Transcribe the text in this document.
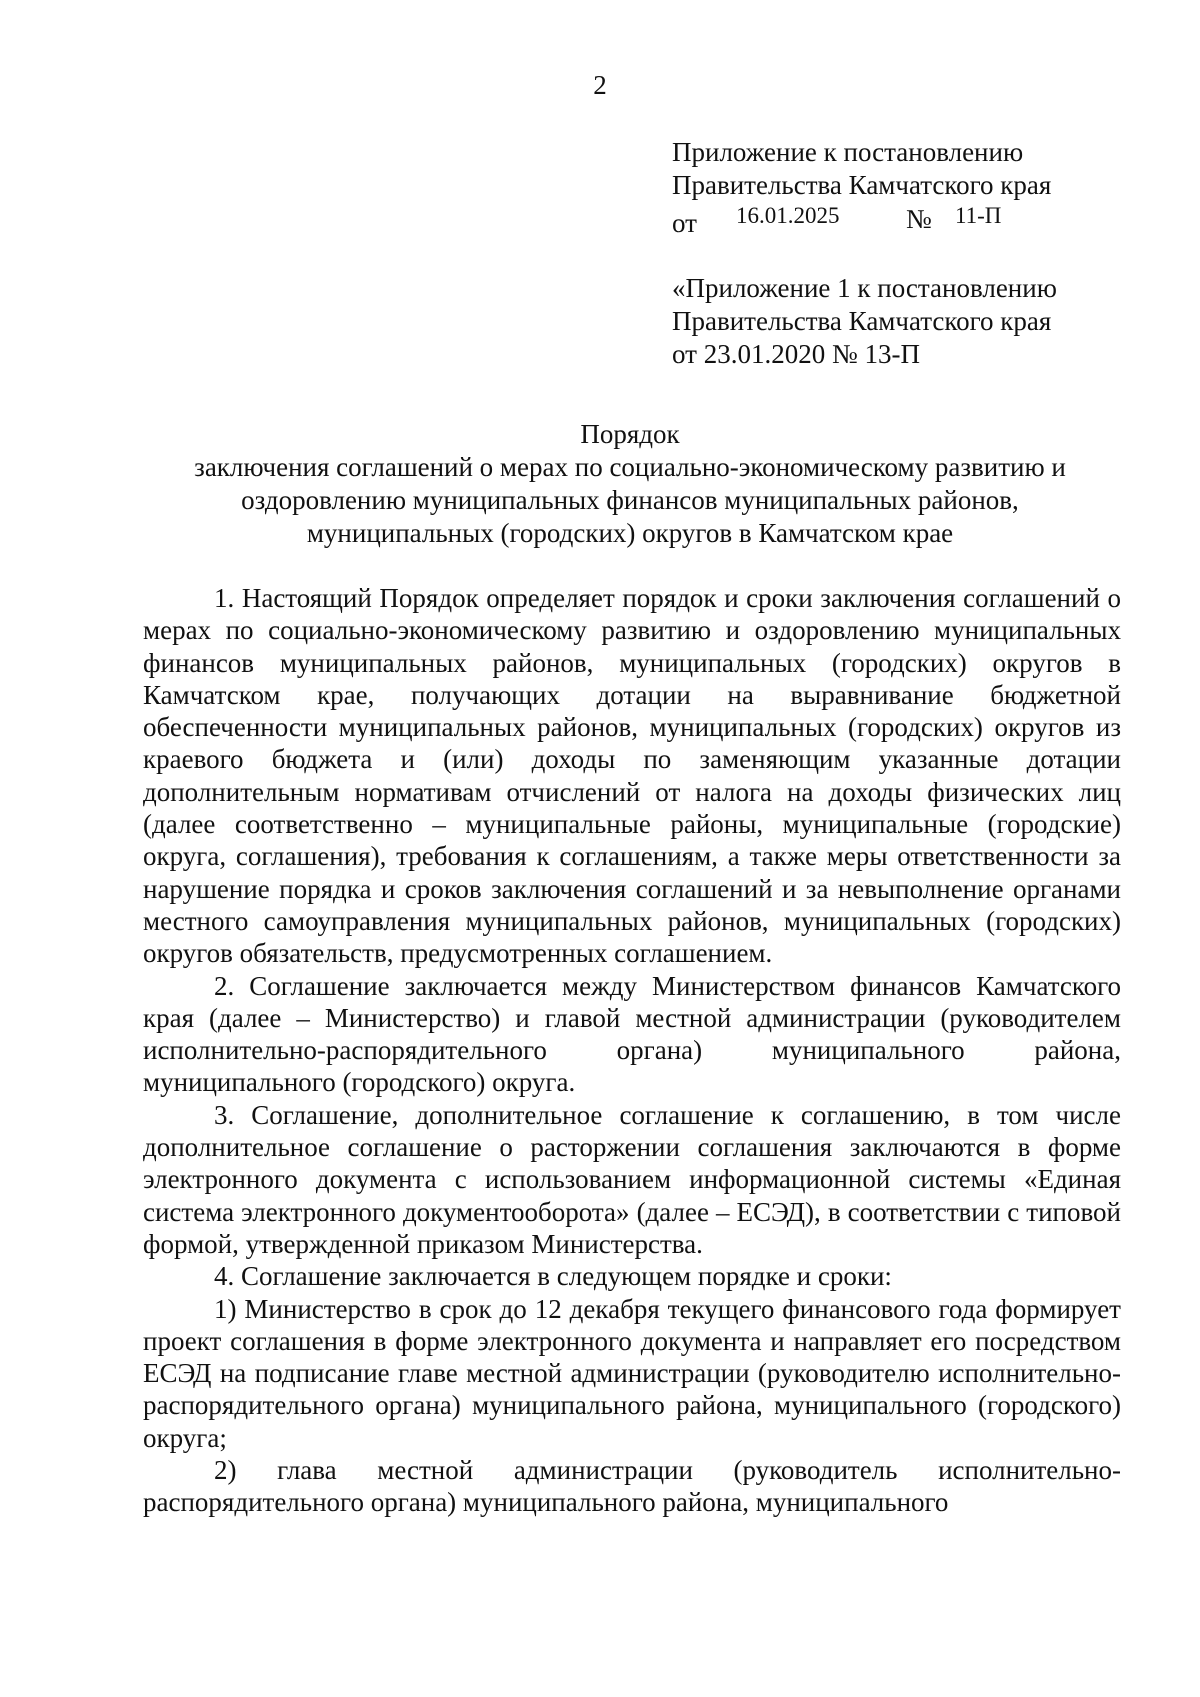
2
Приложение к постановлению
Правительства Камчатского края
от 16.01.2025 № 11-П
«Приложение 1 к постановлению
Правительства Камчатского края
от 23.01.2020 № 13-П
Порядок
заключения соглашений о мерах по социально-экономическому развитию и
оздоровлению муниципальных финансов муниципальных районов,
муниципальных (городских) округов в Камчатском крае

1. Настоящий Порядок определяет порядок и сроки заключения соглашений о мерах по социально-экономическому развитию и оздоровлению муниципальных финансов муниципальных районов, муниципальных (городских) округов в Камчатском крае, получающих дотации на выравнивание бюджетной обеспеченности муниципальных районов, муниципальных (городских) округов из краевого бюджета и (или) доходы по заменяющим указанные дотации дополнительным нормативам отчислений от налога на доходы физических лиц (далее соответственно – муниципальные районы, муниципальные (городские) округа, соглашения), требования к соглашениям, а также меры ответственности за нарушение порядка и сроков заключения соглашений и за невыполнение органами местного самоуправления муниципальных районов, муниципальных (городских) округов обязательств, предусмотренных соглашением.

2. Соглашение заключается между Министерством финансов Камчатского края (далее – Министерство) и главой местной администрации (руководителем исполнительно-распорядительного органа) муниципального района, муниципального (городского) округа.

3. Соглашение, дополнительное соглашение к соглашению, в том числе дополнительное соглашение о расторжении соглашения заключаются в форме электронного документа с использованием информационной системы «Единая система электронного документооборота» (далее – ЕСЭД), в соответствии с типовой формой, утвержденной приказом Министерства.

4. Соглашение заключается в следующем порядке и сроки:

1) Министерство в срок до 12 декабря текущего финансового года формирует проект соглашения в форме электронного документа и направляет его посредством ЕСЭД на подписание главе местной администрации (руководителю исполнительно-распорядительного органа) муниципального района, муниципального (городского) округа;

2) глава местной администрации (руководитель исполнительно-распорядительного органа) муниципального района, муниципального
